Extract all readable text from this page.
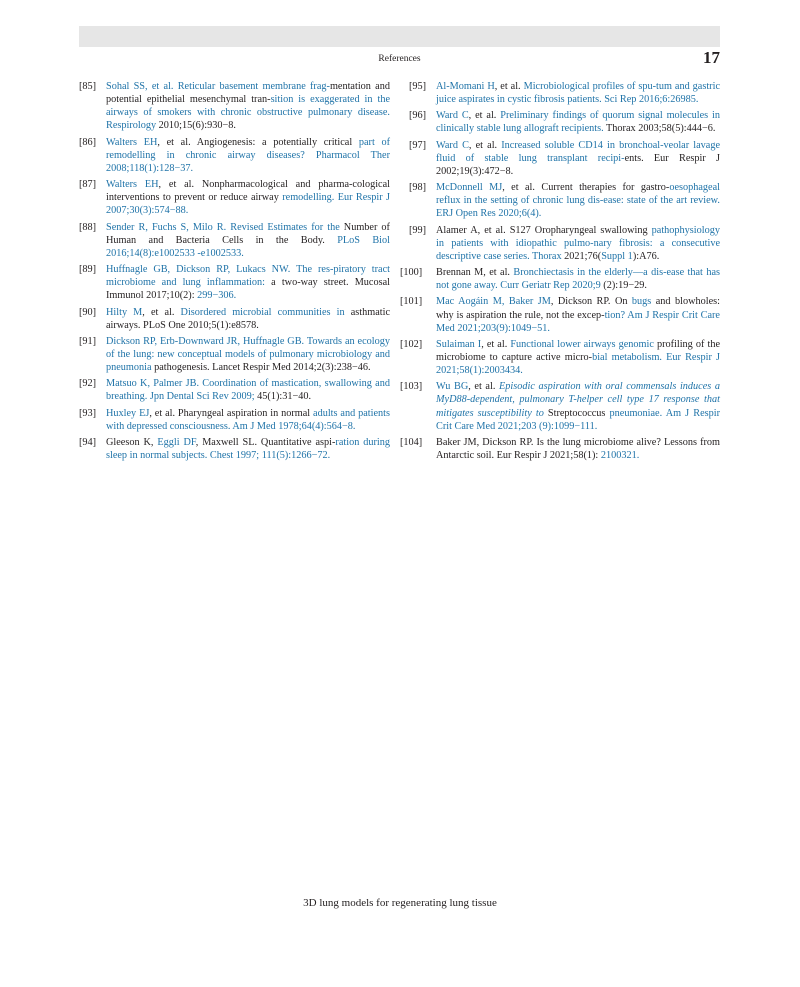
References	17
[85] Sohal SS, et al. Reticular basement membrane frag-mentation and potential epithelial mesenchymal tran-sition is exaggerated in the airways of smokers with chronic obstructive pulmonary disease. Respirology 2010;15(6):930−8.
[86] Walters EH, et al. Angiogenesis: a potentially critical part of remodelling in chronic airway diseases? Pharmacol Ther 2008;118(1):128−37.
[87] Walters EH, et al. Nonpharmacological and pharma-cological interventions to prevent or reduce airway remodelling. Eur Respir J 2007;30(3):574−88.
[88] Sender R, Fuchs S, Milo R. Revised Estimates for the Number of Human and Bacteria Cells in the Body. PLoS Biol 2016;14(8):e1002533 -e1002533.
[89] Huffnagle GB, Dickson RP, Lukacs NW. The res-piratory tract microbiome and lung inflammation: a two-way street. Mucosal Immunol 2017;10(2): 299−306.
[90] Hilty M, et al. Disordered microbial communities in asthmatic airways. PLoS One 2010;5(1):e8578.
[91] Dickson RP, Erb-Downward JR, Huffnagle GB. Towards an ecology of the lung: new conceptual models of pulmonary microbiology and pneumonia pathogenesis. Lancet Respir Med 2014;2(3):238−46.
[92] Matsuo K, Palmer JB. Coordination of mastication, swallowing and breathing. Jpn Dental Sci Rev 2009; 45(1):31−40.
[93] Huxley EJ, et al. Pharyngeal aspiration in normal adults and patients with depressed consciousness. Am J Med 1978;64(4):564−8.
[94] Gleeson K, Eggli DF, Maxwell SL. Quantitative aspi-ration during sleep in normal subjects. Chest 1997; 111(5):1266−72.
[95] Al-Momani H, et al. Microbiological profiles of spu-tum and gastric juice aspirates in cystic fibrosis patients. Sci Rep 2016;6:26985.
[96] Ward C, et al. Preliminary findings of quorum signal molecules in clinically stable lung allograft recipients. Thorax 2003;58(5):444−6.
[97] Ward C, et al. Increased soluble CD14 in bronchoal-veolar lavage fluid of stable lung transplant recipi-ents. Eur Respir J 2002;19(3):472−8.
[98] McDonnell MJ, et al. Current therapies for gastro-oesophageal reflux in the setting of chronic lung dis-ease: state of the art review. ERJ Open Res 2020;6(4).
[99] Alamer A, et al. S127 Oropharyngeal swallowing pathophysiology in patients with idiopathic pulmo-nary fibrosis: a consecutive descriptive case series. Thorax 2021;76(Suppl 1):A76.
[100] Brennan M, et al. Bronchiectasis in the elderly—a dis-ease that has not gone away. Curr Geriatr Rep 2020;9 (2):19−29.
[101] Mac Aogáin M, Baker JM, Dickson RP. On bugs and blowholes: why is aspiration the rule, not the excep-tion? Am J Respir Crit Care Med 2021;203(9):1049−51.
[102] Sulaiman I, et al. Functional lower airways genomic profiling of the microbiome to capture active micro-bial metabolism. Eur Respir J 2021;58(1):2003434.
[103] Wu BG, et al. Episodic aspiration with oral commensals induces a MyD88-dependent, pulmonary T-helper cell type 17 response that mitigates susceptibility to Streptococcus pneumoniae. Am J Respir Crit Care Med 2021;203 (9):1099−111.
[104] Baker JM, Dickson RP. Is the lung microbiome alive? Lessons from Antarctic soil. Eur Respir J 2021;58(1): 2100321.
3D lung models for regenerating lung tissue
